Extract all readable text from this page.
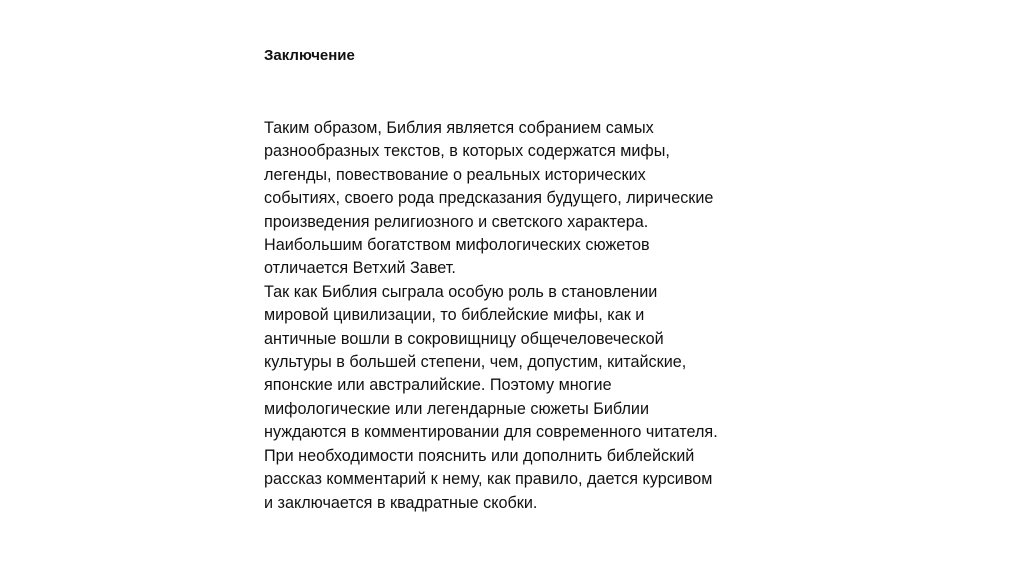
Заключение
Таким образом, Библия является собранием самых
разнообразных текстов, в которых содержатся мифы,
легенды, повествование о реальных исторических
событиях, своего рода предсказания будущего, лирические
произведения религиозного и светского характера.
Наибольшим богатством мифологических сюжетов
отличается Ветхий Завет.
Так как Библия сыграла особую роль в становлении
мировой цивилизации, то библейские мифы, как и
античные вошли в сокровищницу общечеловеческой
культуры в большей степени, чем, допустим, китайские,
японские или австралийские. Поэтому многие
мифологические или легендарные сюжеты Библии
нуждаются в комментировании для современного читателя.
При необходимости пояснить или дополнить библейский
рассказ комментарий к нему, как правило, дается курсивом
и заключается в квадратные скобки.
